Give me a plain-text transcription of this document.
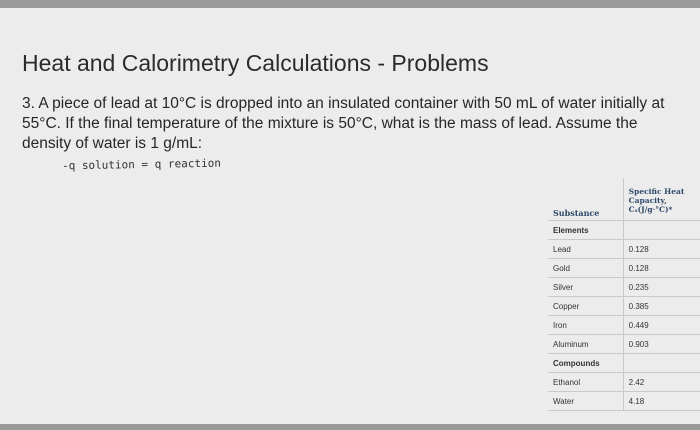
Heat and Calorimetry Calculations - Problems
3. A piece of lead at 10°C is dropped into an insulated container with 50 mL of water initially at 55°C. If the final temperature of the mixture is 50°C, what is the mass of lead. Assume the density of water is 1 g/mL:
-q solution = q reaction
Substance	Specific Heat Capacity, Cₛ(J/g·°C)*
Elements	
Lead	0.128
Gold	0.128
Silver	0.235
Copper	0.385
Iron	0.449
Aluminum	0.903
Compounds	
Ethanol	2.42
Water	4.18
